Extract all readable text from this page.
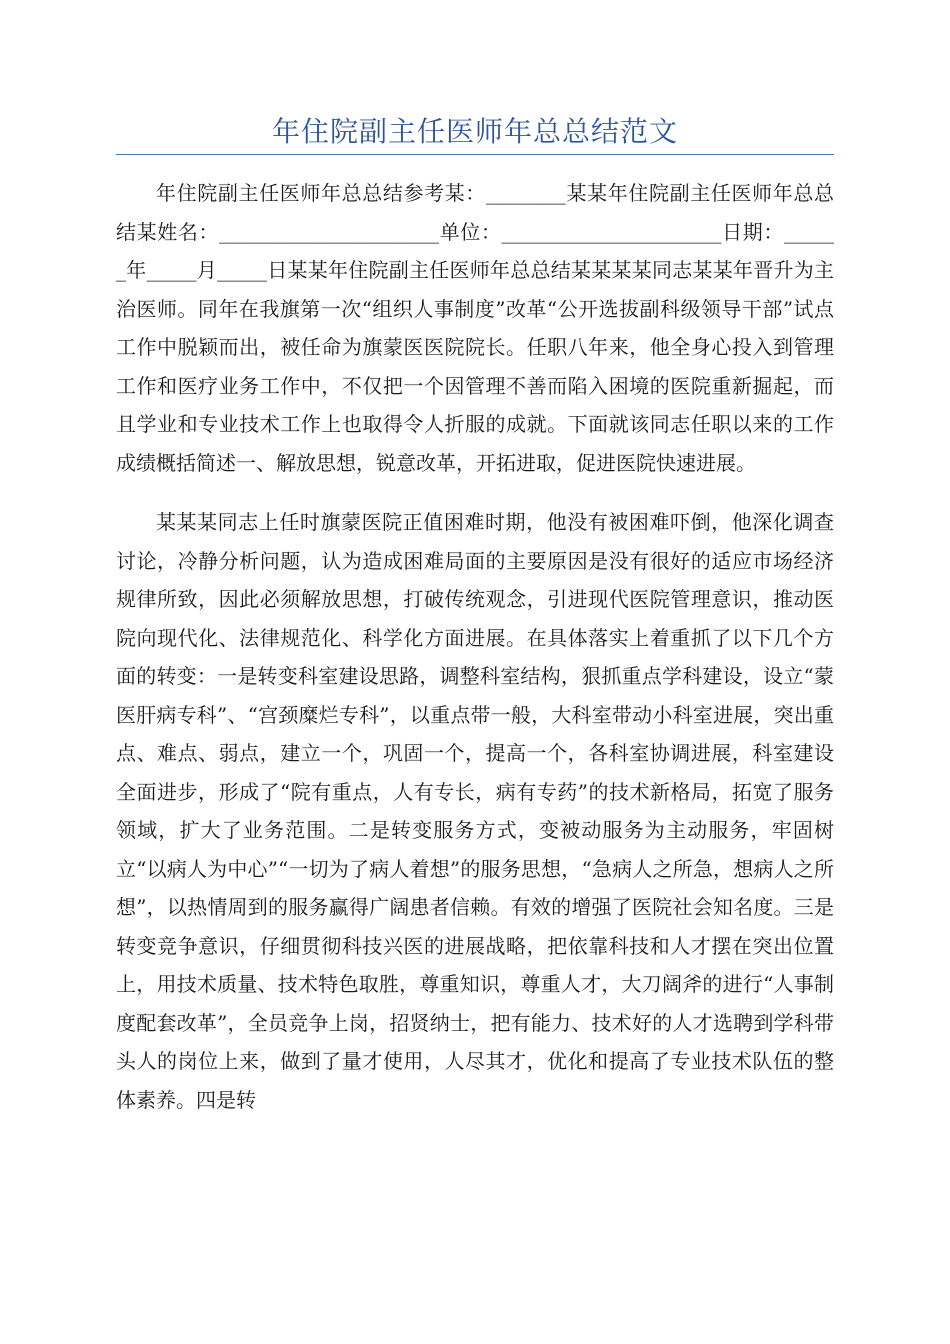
年住院副主任医师年总总结范文

年住院副主任医师年总总结参考某：________某某年住院副主任医师年总总结某姓名：______________________单位：______________________日期：______年_____月_____日某某年住院副主任医师年总总结某某某某同志某某年晋升为主治医师。同年在我旗第一次“组织人事制度”改革“公开选拔副科级领导干部”试点工作中脱颖而出，被任命为旗蒙医医院院长。任职八年来，他全身心投入到管理工作和医疗业务工作中，不仅把一个因管理不善而陷入困境的医院重新掘起，而且学业和专业技术工作上也取得令人折服的成就。下面就该同志任职以来的工作成绩概括简述一、解放思想，锐意改革，开拓进取，促进医院快速进展。

某某某同志上任时旗蒙医院正值困难时期，他没有被困难吓倒，他深化调查讨论，冷静分析问题，认为造成困难局面的主要原因是没有很好的适应市场经济规律所致，因此必须解放思想，打破传统观念，引进现代医院管理意识，推动医院向现代化、法律规范化、科学化方面进展。在具体落实上着重抓了以下几个方面的转变：一是转变科室建设思路，调整科室结构，狠抓重点学科建设，设立“蒙医肝病专科”、“宫颈糜烂专科”，以重点带一般，大科室带动小科室进展，突出重点、难点、弱点，建立一个，巩固一个，提高一个，各科室协调进展，科室建设全面进步，形成了“院有重点，人有专长，病有专药”的技术新格局，拓宽了服务领域，扩大了业务范围。二是转变服务方式，变被动服务为主动服务，牢固树立“以病人为中心”“一切为了病人着想”的服务思想，“急病人之所急，想病人之所想”，以热情周到的服务赢得广阔患者信赖。有效的增强了医院社会知名度。三是转变竞争意识，仔细贯彻科技兴医的进展战略，把依靠科技和人才摆在突出位置上，用技术质量、技术特色取胜，尊重知识，尊重人才，大刀阔斧的进行“人事制度配套改革”，全员竞争上岗，招贤纳士，把有能力、技术好的人才选聘到学科带头人的岗位上来，做到了量才使用，人尽其才，优化和提高了专业技术队伍的整体素养。四是转
